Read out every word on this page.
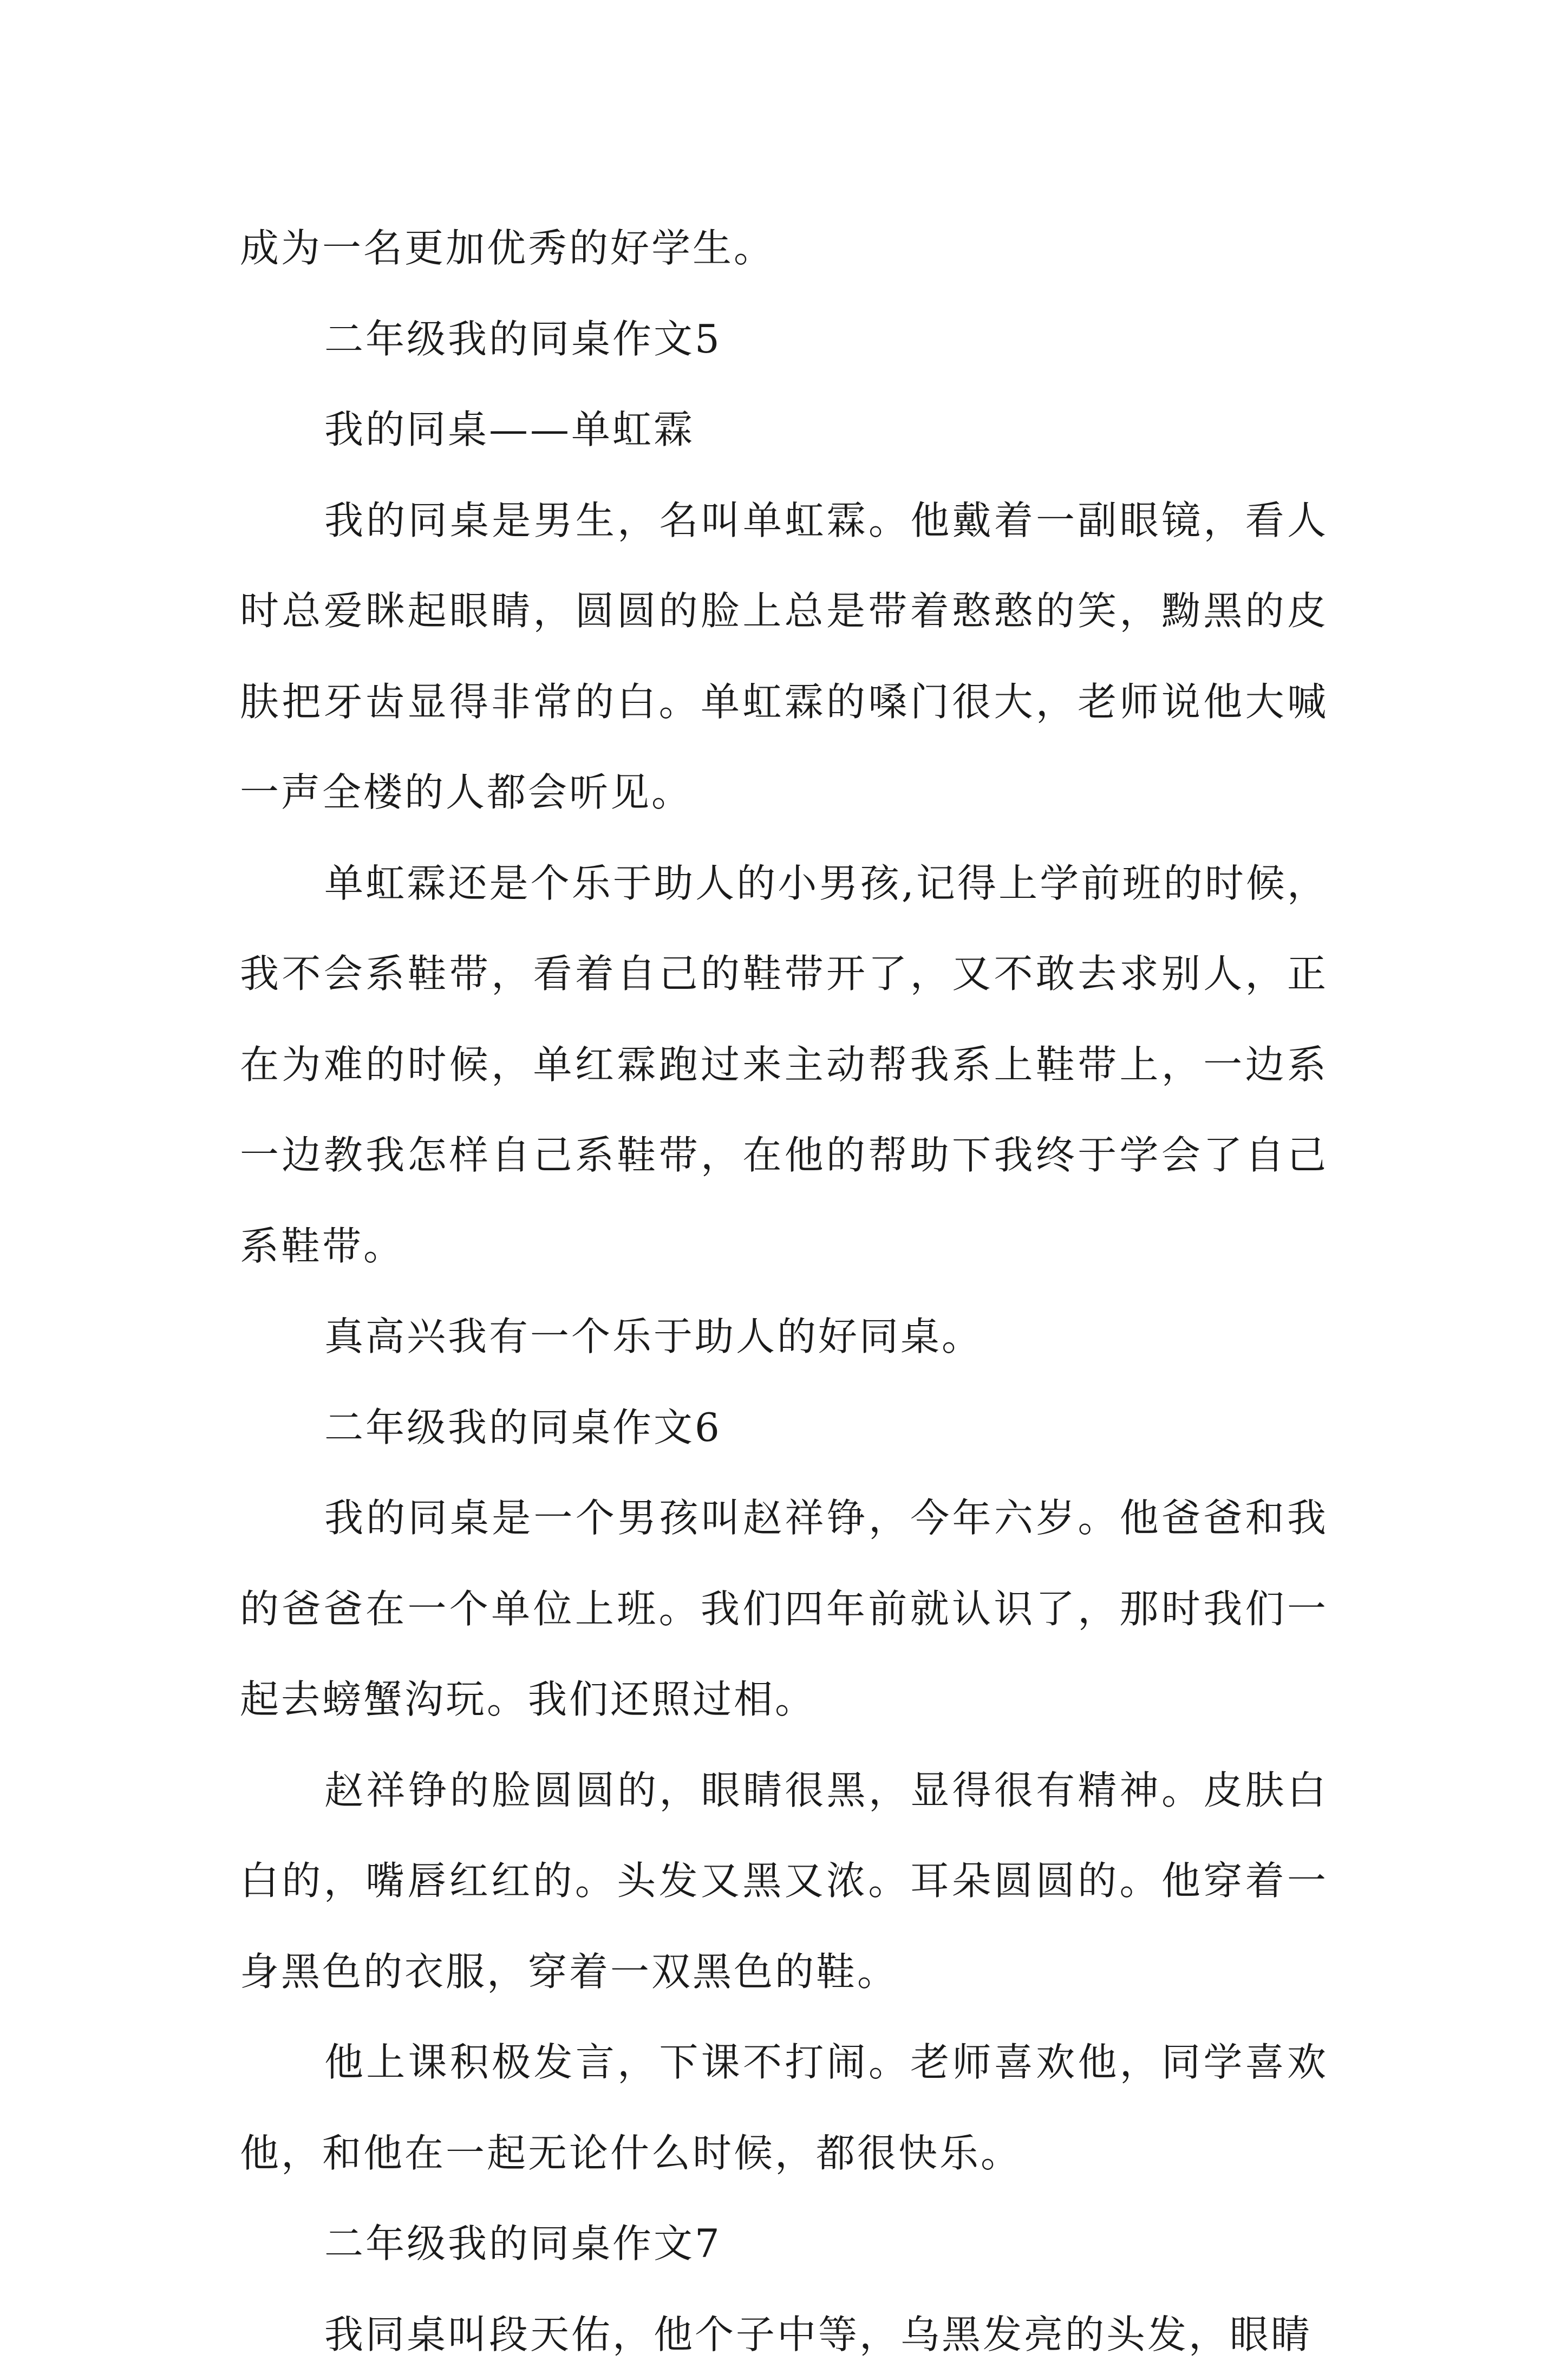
成为一名更加优秀的好学生。

二年级我的同桌作文5

我的同桌——单虹霖

我的同桌是男生，名叫单虹霖。他戴着一副眼镜，看人时总爱眯起眼睛，圆圆的脸上总是带着憨憨的笑，黝黑的皮肤把牙齿显得非常的白。单虹霖的嗓门很大，老师说他大喊一声全楼的人都会听见。

单虹霖还是个乐于助人的小男孩,记得上学前班的时候，我不会系鞋带，看着自己的鞋带开了，又不敢去求别人，正在为难的时候，单红霖跑过来主动帮我系上鞋带上，一边系一边教我怎样自己系鞋带，在他的帮助下我终于学会了自己系鞋带。

真高兴我有一个乐于助人的好同桌。

二年级我的同桌作文6

我的同桌是一个男孩叫赵祥铮，今年六岁。他爸爸和我的爸爸在一个单位上班。我们四年前就认识了，那时我们一起去螃蟹沟玩。我们还照过相。

赵祥铮的脸圆圆的，眼睛很黑，显得很有精神。皮肤白白的，嘴唇红红的。头发又黑又浓。耳朵圆圆的。他穿着一身黑色的衣服，穿着一双黑色的鞋。

他上课积极发言，下课不打闹。老师喜欢他，同学喜欢他，和他在一起无论什么时候，都很快乐。

二年级我的同桌作文7

我同桌叫段天佑，他个子中等，乌黑发亮的头发，眼睛
